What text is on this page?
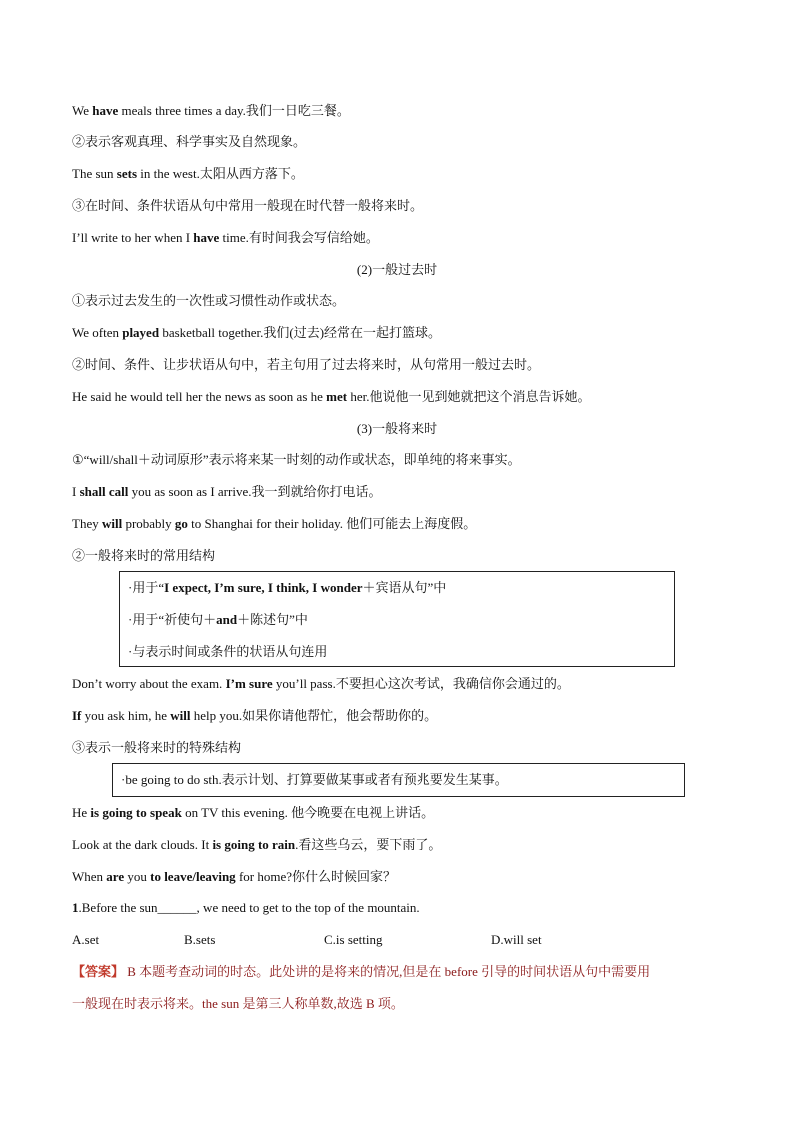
We have meals three times a day.我们一日吃三餐。
②表示客观真理、科学事实及自然现象。
The sun sets in the west.太阳从西方落下。
③在时间、条件状语从句中常用一般现在时代替一般将来时。
I’ll write to her when I have time.有时间我会写信给她。
(2)一般过去时
①表示过去发生的一次性或习惯性动作或状态。
We often played basketball together.我们(过去)经常在一起打篮球。
②时间、条件、让步状语从句中，若主句用了过去将来时，从句常用一般过去时。
He said he would tell her the news as soon as he met her.他说他一见到她就把这个消息告诉她。
(3)一般将来时
①“will/shall＋动词原形”表示将来某一时刻的动作或状态，即单纯的将来事实。
I shall call you as soon as I arrive.我一到就给你打电话。
They will probably go to Shanghai for their holiday. 他们可能去上海度假。
②一般将来时的常用结构
·用于“I expect, I’m sure, I think, I wonder＋宾语从句”中
·用于“祈使句＋and＋陈述句”中
·与表示时间或条件的状语从句连用
Don’t worry about the exam. I’m sure you’ll pass.不要担心这次考试，我确信你会通过的。
If you ask him, he will help you.如果你请他帮忙，他会帮助你的。
③表示一般将来时的特殊结构
·be going to do sth.表示计划、打算要做某事或者有预兆要发生某事。
He is going to speak on TV this evening. 他今晚要在电视上讲话。
Look at the dark clouds. It is going to rain.看这些乌云，要下雨了。
When are you to leave/leaving for home?你什么时候回家？
1.Before the sun______, we need to get to the top of the mountain.
A.set	B.sets	C.is setting	D.will set
【答案】 B 本题考查动词的时态。此处讲的是将来的情况,但是在 before 引导的时间状语从句中需要用
一般现在时表示将来。the sun 是第三人称单数,故选 B 项。
